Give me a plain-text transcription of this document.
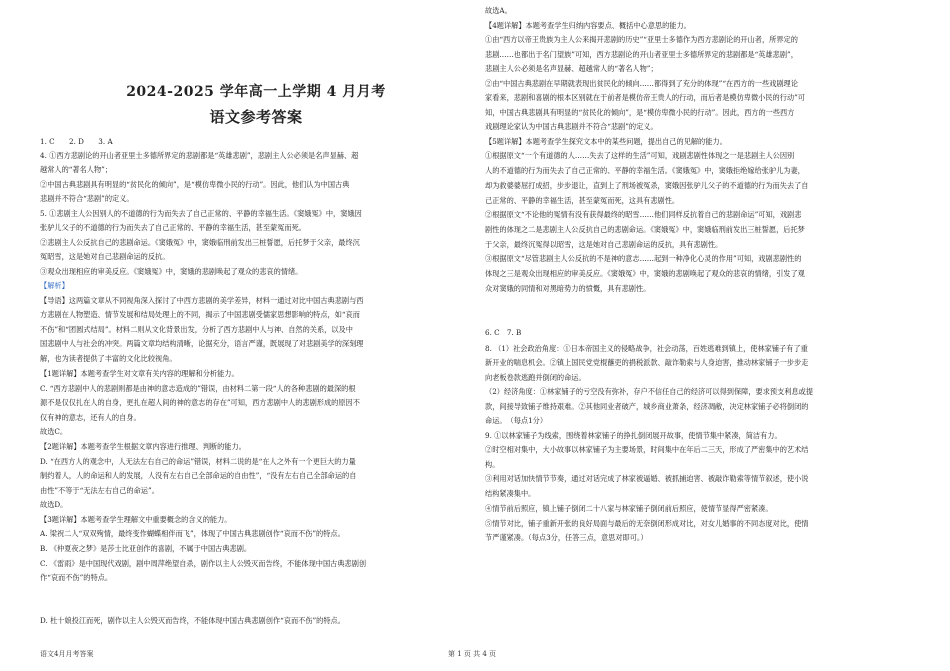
2024-2025 学年高一上学期 4 月月考
语文参考答案
1. C　　2. D　　3. A
4. ①西方悲剧论的开山者亚里士多德所界定的悲剧都是“英雄悲剧”，悲剧主人公必须是名声显赫、超
越常人的“著名人物”；
②中国古典悲剧具有明显的“贫民化的倾向”，是“模仿卑微小民的行动”。因此，他们认为中国古典
悲剧并不符合“悲剧”的定义。
5. ①悲剧主人公因别人的不道德的行为而失去了自己正常的、平静的幸福生活。《窦娥冤》中，窦娥因
张驴儿父子的不道德的行为而失去了自己正常的、平静的幸福生活，甚至蒙冤而死。
②悲剧主人公反抗自己的悲剧命运。《窦娥冤》中，窦娥临刑前发出三桩誓愿，后托梦于父亲，最终沉
冤昭雪，这是她对自己悲剧命运的反抗。
③观众出现相应的审美反应。《窦娥冤》中，窦娥的悲剧唤起了观众的悲哀的情绪。
【解析】
【导语】这两篇文章从不同视角深入探讨了中西方悲剧的美学差异，材料一通过对比中国古典悲剧与西
方悲剧在人物塑造、情节发展和结局处理上的不同，揭示了中国悲剧受儒家思想影响的特点，如“哀而
不伤”和“团圆式结局”。材料二则从文化背景出发，分析了西方悲剧中人与神、自然的关系，以及中
国悲剧中人与社会的冲突。两篇文章均结构清晰，论据充分，语言严谨，既展现了对悲剧美学的深刻理
解，也为读者提供了丰富的文化比较视角。
【1题详解】本题考查学生对文章有关内容的理解和分析能力。
C. “西方悲剧中人的悲剧则都是由神的意志造成的”错误，由材料二第一段“人的各种悲剧的最深的根
源不是仅仅扎在人的自身，更扎在超人间的神的意志的存在”可知，西方悲剧中人的悲剧形成的原因不
仅有神的意志，还有人的自身。
故选C。
【2题详解】本题考查学生根据文章内容进行推理、判断的能力。
D. “在西方人的观念中，人无法左右自己的命运”错误，材料二说的是“在人之外有一个更巨大的力量
制约着人，人的命运和人的发展，人没有左右自己全部命运的自由性”，“没有左右自己全部命运的自
由性”不等于“无法左右自己的命运”。
故选D。
【3题详解】本题考查学生理解文中重要概念的含义的能力。
A. 梁祝二人“双双殉情，最终变作蝴蝶相伴而飞”，体现了中国古典悲剧创作“哀而不伤”的特点。
B. 《仲夏夜之梦》是莎士比亚创作的喜剧，不属于中国古典悲剧。
C. 《雷雨》是中国现代戏剧，剧中周萍绝望自杀，剧作以主人公毁灭而告终，不能体现中国古典悲剧创
作“哀而不伤”的特点。
D. 杜十娘投江而死，剧作以主人公毁灭而告终，不能体现中国古典悲剧创作“哀而不伤”的特点。
故选A。
【4题详解】本题考查学生归纳内容要点、概括中心意思的能力。
①由“西方以帝王贵族为主人公来揭开悲剧的历史”“亚里士多德作为西方悲剧论的开山者，所界定的
悲剧……也都出于名门望族”可知，西方悲剧论的开山者亚里士多德所界定的悲剧都是“英雄悲剧”，
悲剧主人公必须是名声显赫、超越常人的“著名人物”；
②由“中国古典悲剧在早期就表现出贫民化的倾向……都得到了充分的体现”“在西方的一些戏剧理论
家看来，悲剧和喜剧的根本区别就在于前者是模仿帝王贵人的行动，而后者是模仿卑微小民的行动”可
知，中国古典悲剧具有明显的“贫民化的倾向”，是“模仿卑微小民的行动”。因此，西方的一些西方
戏剧理论家认为中国古典悲剧并不符合“悲剧”的定义。
【5题详解】本题考查学生探究文本中的某些问题，提出自己的见解的能力。
①根据原文“一个有道德的人……失去了这样的生活”可知，戏剧悲剧性体现之一是悲剧主人公因别
人的不道德的行为而失去了自己正常的、平静的幸福生活。《窦娥冤》中，窦娥拒绝嫁给张驴儿为妻，
却为救婆婆屈打成招，步步退让，直到上了刑场被冤杀，窦娥因张驴儿父子的不道德的行为而失去了自
己正常的、平静的幸福生活，甚至蒙冤而死，这具有悲剧性。
②根据原文“不论他的冤情有没有获得最终的昭雪……他们同样反抗着自己的悲剧命运”可知，戏剧悲
剧性的体现之二是悲剧主人公反抗自己的悲剧命运。《窦娥冤》中，窦娥临刑前发出三桩誓愿，后托梦
于父亲，最终沉冤得以昭雪，这是她对自己悲剧命运的反抗，具有悲剧性。
③根据原文“尽管悲剧主人公反抗的不是神的意志……起到一种净化心灵的作用”可知，戏剧悲剧性的
体现之三是观众出现相应的审美反应。《窦娥冤》中，窦娥的悲剧唤起了观众的悲哀的情绪，引发了观
众对窦娥的同情和对黑暗势力的愤慨，具有悲剧性。
6. C　7. B
8. （1）社会政治角度：①日本帝国主义的侵略战争，社会动荡，百姓逃难到镇上，使林家铺子有了重
新开业的喘息机会。②镇上国民党党棍蘸吏的捐税派款、敲诈勒索与人身迫害，推动林家铺子一步步走
向老板卷款逃跑并倒闭的命运。
（2）经济角度：①林家铺子的亏空没有弥补，存户不信任自己的经济可以得到保障，要求预支利息或提
款，间接导致铺子维持艰难。②其他同业者破产，城乡商业萧条，经济凋敝，决定林家铺子必将倒闭的
命运。　（每点1分）
9. ①以林家铺子为线索，围绕着林家铺子的挣扎倒闭展开故事，使情节集中紧凑，简洁有力。
②时空相对集中，大小故事以林家铺子为主要场景，时间集中在年后二三天，形成了严密集中的艺术结
构。
③利用对话加快情节节奏，通过对话完成了林家被逼婚、被抓捕迫害、被敲诈勒索等情节叙述，使小说
结构紧凑集中。
④情节前后照应，镇上铺子倒闭二十八家与林家铺子倒闭前后照应，使情节显得严密紧凑。
⑤情节对比，铺子重新开张的良好局面与最后的无奈倒闭形成对比，对女儿婚事的不同态度对比，使情
节严谨紧凑。（每点3分，任答三点，意思对即可。）
语文4月月考答案	第 1 页 共 4 页
